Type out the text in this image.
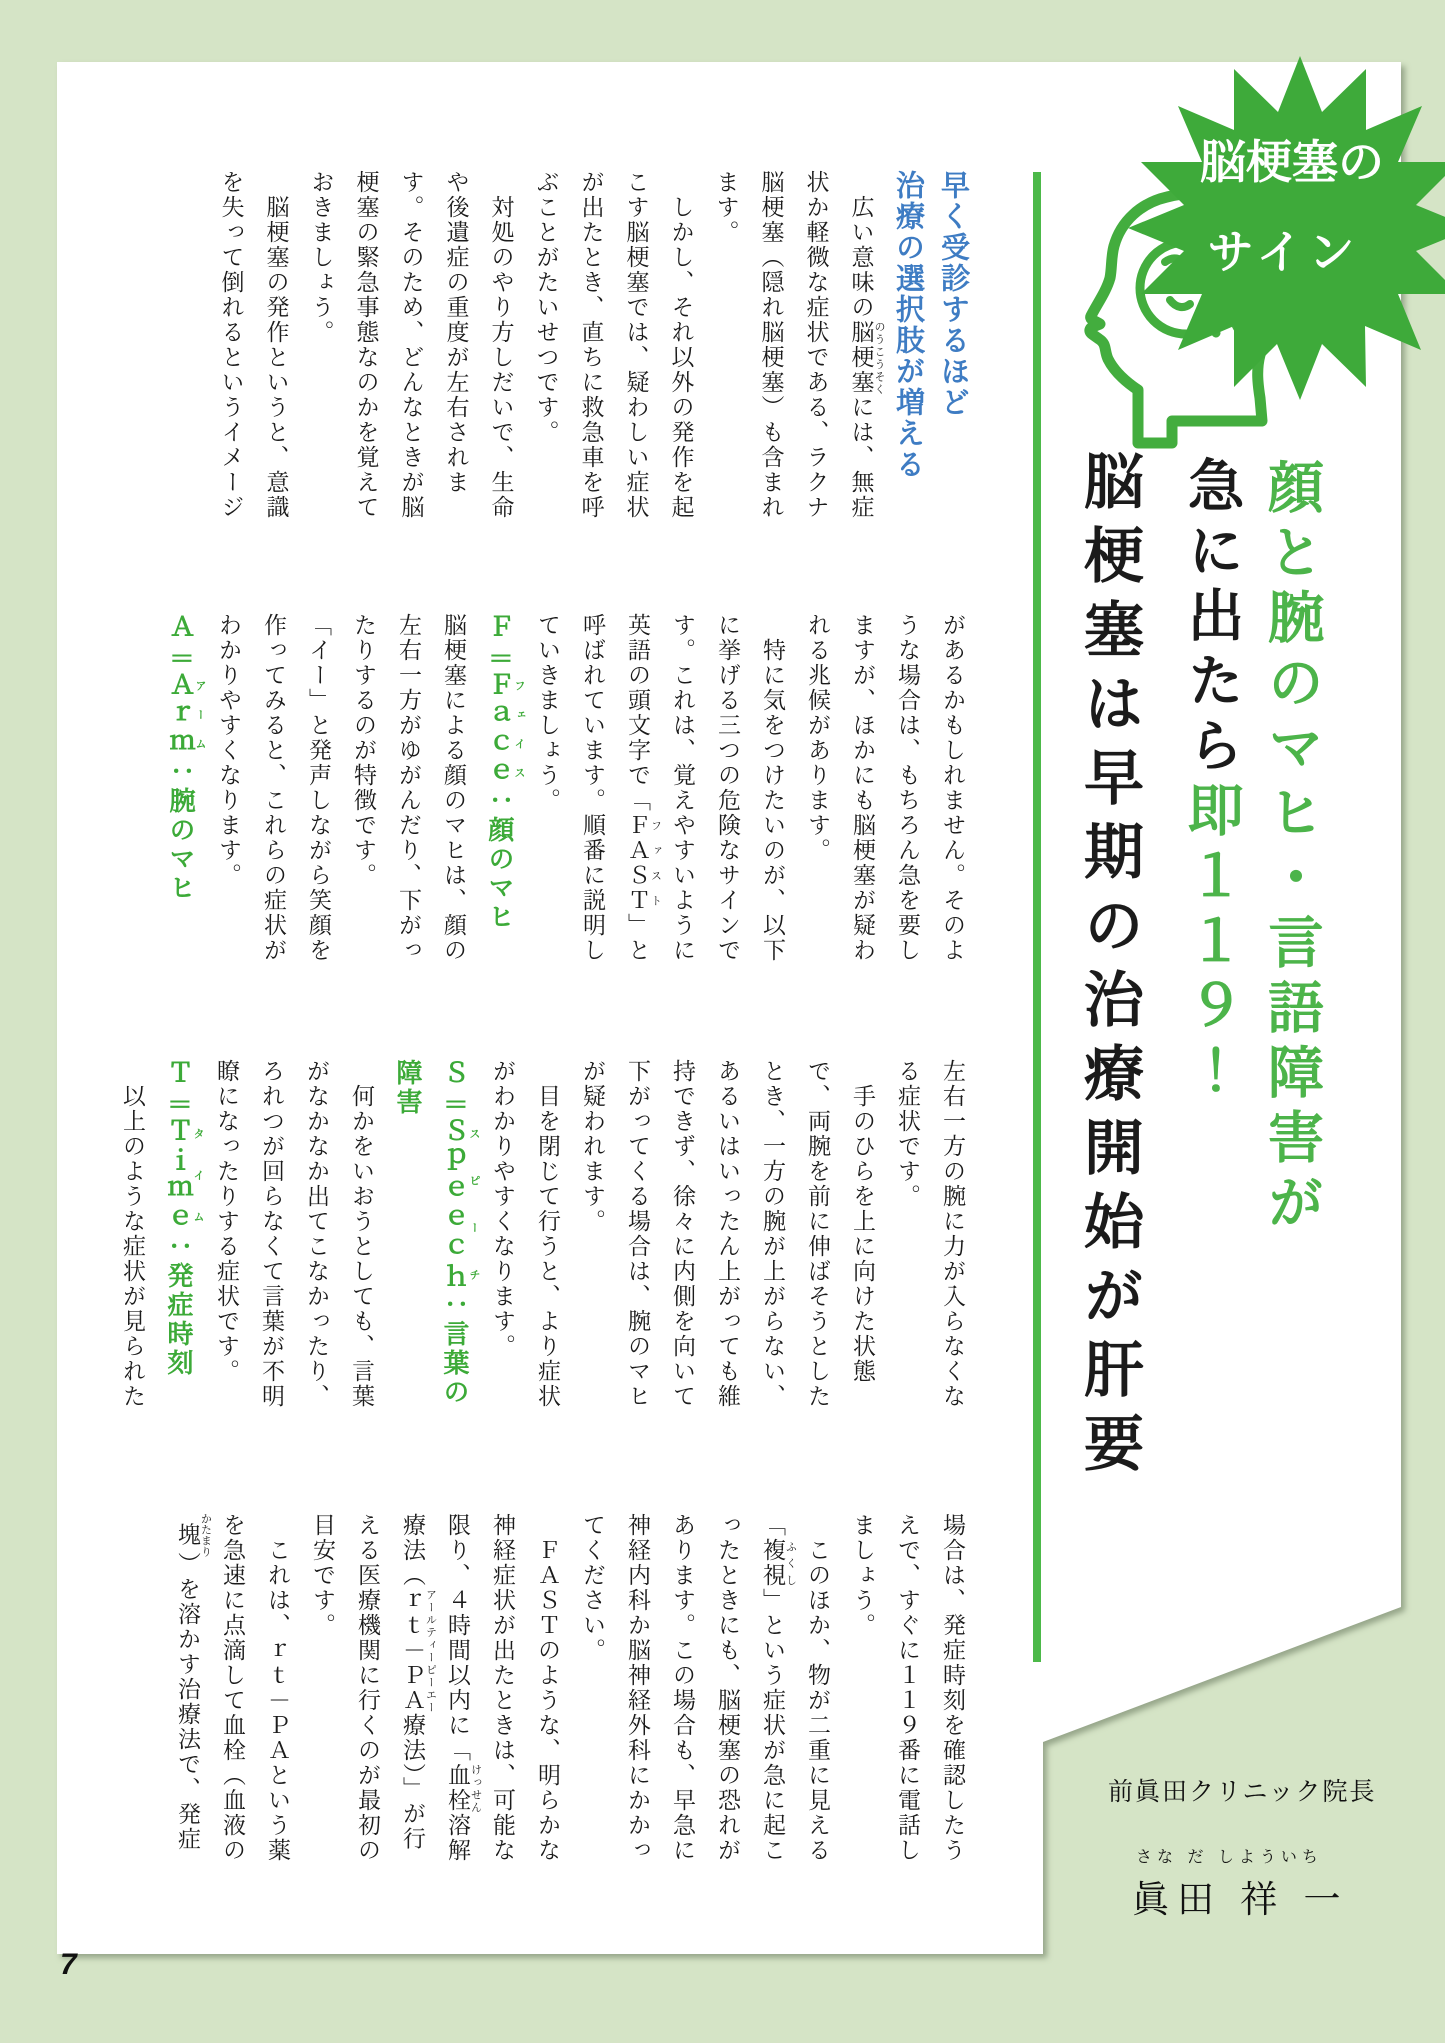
脳梗塞の
サイン
顔と腕のマヒ・言語障害が
急に出たら即１１９！
脳梗塞は早期の治療開始が肝要
早く受診するほど
治療の選択肢が増える

広い意味の脳梗塞 のうこうそくには、無症状か軽微な症状である、ラクナ脳梗塞（隠れ脳梗塞）も含まれます。

しかし、それ以外の発作を起こす脳梗塞では、疑わしい症状が出たとき、直ちに救急車を呼ぶことがたいせつです。

対処のやり方しだいで、生命や後遺症の重度が左右されます。そのため、どんなときが脳梗塞の緊急事態なのかを覚えておきましょう。

脳梗塞の発作というと、意識を失って倒れるというイメージ

があるかもしれません。そのような場合は、もちろん急を要しますが、ほかにも脳梗塞が疑われる兆候があります。

特に気をつけたいのが、以下に挙げる三つの危険なサインです。これは、覚えやすいように英語の頭文字で「ＦＡＳＴ ファスト」と呼ばれています。順番に説明していきましょう。

Ｆ＝Ｆａｃｅフェイス：顔のマヒ

脳梗塞による顔のマヒは、顔の左右一方がゆがんだり、下がったりするのが特徴です。

「イー」と発声しながら笑顔を作ってみると、これらの症状がわかりやすくなります。

Ａ＝Ａｒｍアーム：腕のマヒ

左右一方の腕に力が入らなくなる症状です。

手のひらを上に向けた状態で、両腕を前に伸ばそうとしたとき、一方の腕が上がらない、あるいはいったん上がっても維持できず、徐々に内側を向いて下がってくる場合は、腕のマヒが疑われます。

目を閉じて行うと、より症状がわかりやすくなります。

Ｓ＝Ｓｐｅｅｃｈスピーチ：言葉の障害

何かをいおうとしても、言葉がなかなか出てこなかったり、ろれつが回らなくて言葉が不明瞭になったりする症状です。

Ｔ＝Ｔｉｍｅタイム：発症時刻

以上のような症状が見られた

場合は、発症時刻を確認したうえで、すぐに１１９番に電話しましょう。

このほか、物が二重に見える「複視 ふくし」という症状が急に起こったときにも、脳梗塞の恐れがあります。この場合も、早急に神経内科か脳神経外科にかかってください。

ＦＡＳＴのような、明らかな神経症状が出たときは、可能な限り、４時間以内に「血栓 けっせん溶解療法（ｒｔ－ＰＡ アールティーピーエー療法）」が行える医療機関に行くのが最初の目安です。

これは、ｒｔ－ＰＡという薬を急速に点滴して血栓（血液の塊 かたまり）を溶かす治療法で、発症	前眞田クリニック院長
さな だ しよういち
眞田 祥 一
7
